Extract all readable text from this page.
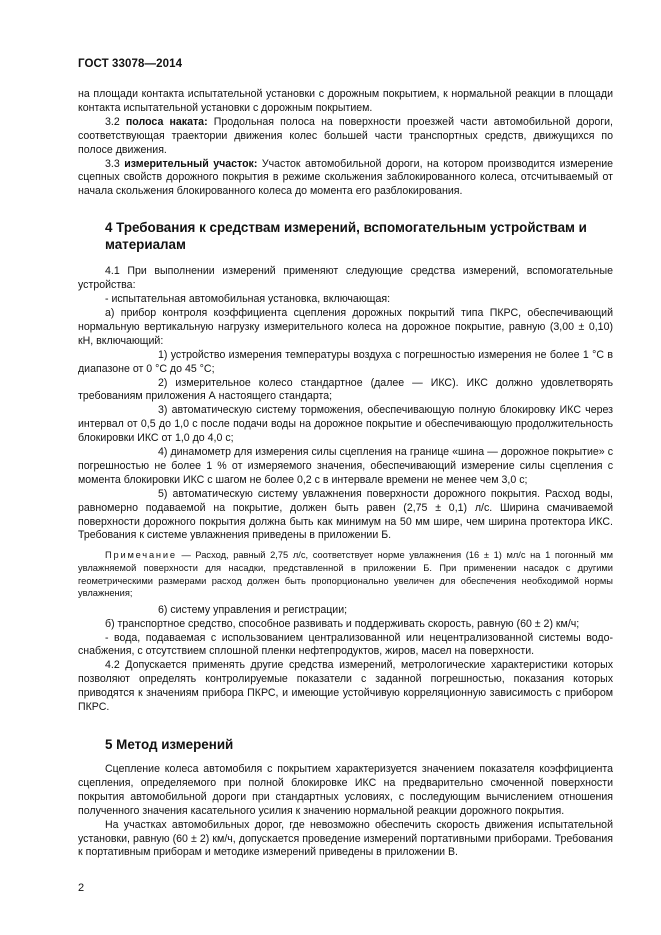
ГОСТ 33078—2014

на площади контакта испытательной установки с дорожным покрытием, к нормальной реакции в площади контакта испытательной установки с дорожным покрытием.

3.2 полоса наката: Продольная полоса на поверхности проезжей части автомобильной дороги, соответствующая траектории движения колес большей части транспортных средств, движущихся по полосе движения.

3.3 измерительный участок: Участок автомобильной дороги, на котором производится измерение сцепных свойств дорожного покрытия в режиме скольжения заблокированного колеса, отсчитываемый от начала скольжения блокированного колеса до момента его разблокирования.

4 Требования к средствам измерений, вспомогательным устройствам и материалам

4.1 При выполнении измерений применяют следующие средства измерений, вспомогательные устройства:

- испытательная автомобильная установка, включающая:

а) прибор контроля коэффициента сцепления дорожных покрытий типа ПКРС, обеспечивающий нормальную вертикальную нагрузку измерительного колеса на дорожное покрытие, равную (3,00 ± 0,10) кН, включающий:

1) устройство измерения температуры воздуха с погрешностью измерения не более 1 °С в диапазоне от 0 °С до 45 °С;

2) измерительное колесо стандартное (далее — ИКС). ИКС должно удовлетворять требованиям приложения А настоящего стандарта;

3) автоматическую систему торможения, обеспечивающую полную блокировку ИКС через интервал от 0,5 до 1,0 с после подачи воды на дорожное покрытие и обеспечивающую продолжительность блокировки ИКС от 1,0 до 4,0 с;

4) динамометр для измерения силы сцепления на границе «шина — дорожное покрытие» с погрешностью не более 1 % от измеряемого значения, обеспечивающий измерение силы сцепления с момента блокировки ИКС с шагом не более 0,2 с в интервале времени не менее чем 3,0 с;

5) автоматическую систему увлажнения поверхности дорожного покрытия. Расход воды, равномерно подаваемой на покрытие, должен быть равен (2,75 ± 0,1) л/с. Ширина смачиваемой поверхности дорожного покрытия должна быть как минимум на 50 мм шире, чем ширина протектора ИКС. Требования к системе увлажнения приведены в приложении Б.

Примечание — Расход, равный 2,75 л/с, соответствует норме увлажнения (16 ± 1) мл/с на 1 погонный мм увлажняемой поверхности для насадки, представленной в приложении Б. При применении насадок с другими геометрическими размерами расход должен быть пропорционально увеличен для обеспечения необходимой нормы увлажнения;

6) систему управления и регистрации;

б) транспортное средство, способное развивать и поддерживать скорость, равную (60 ± 2) км/ч;

- вода, подаваемая с использованием централизованной или нецентрализованной системы водоснабжения, с отсутствием сплошной пленки нефтепродуктов, жиров, масел на поверхности.

4.2 Допускается применять другие средства измерений, метрологические характеристики которых позволяют определять контролируемые показатели с заданной погрешностью, показания которых приводятся к значениям прибора ПКРС, и имеющие устойчивую корреляционную зависимость с прибором ПКРС.

5 Метод измерений

Сцепление колеса автомобиля с покрытием характеризуется значением показателя коэффициента сцепления, определяемого при полной блокировке ИКС на предварительно смоченной поверхности покрытия автомобильной дороги при стандартных условиях, с последующим вычислением отношения полученного значения касательного усилия к значению нормальной реакции дорожного покрытия.

На участках автомобильных дорог, где невозможно обеспечить скорость движения испытательной установки, равную (60 ± 2) км/ч, допускается проведение измерений портативными приборами. Требования к портативным приборам и методике измерений приведены в приложении В.

2
